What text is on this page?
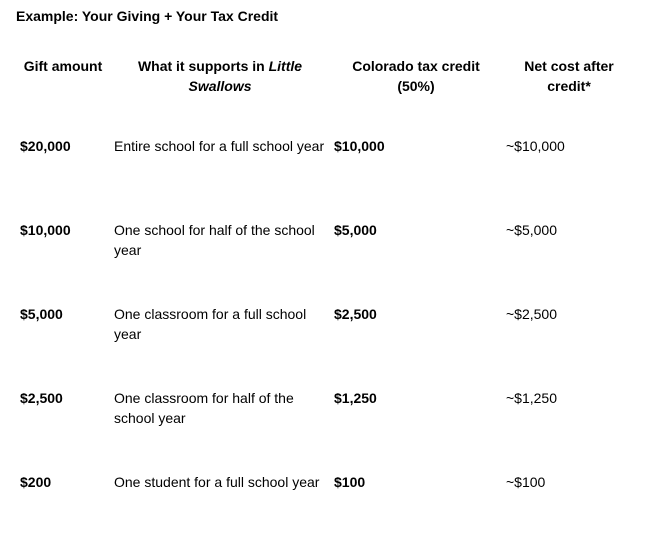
Example: Your Giving + Your Tax Credit
Gift amount	What it supports in Little Swallows	Colorado tax credit (50%)	Net cost after credit*
$20,000	Entire school for a full school year	$10,000	~$10,000
$10,000	One school for half of the school year	$5,000	~$5,000
$5,000	One classroom for a full school year	$2,500	~$2,500
$2,500	One classroom for half of the school year	$1,250	~$1,250
$200	One student for a full school year	$100	~$100
